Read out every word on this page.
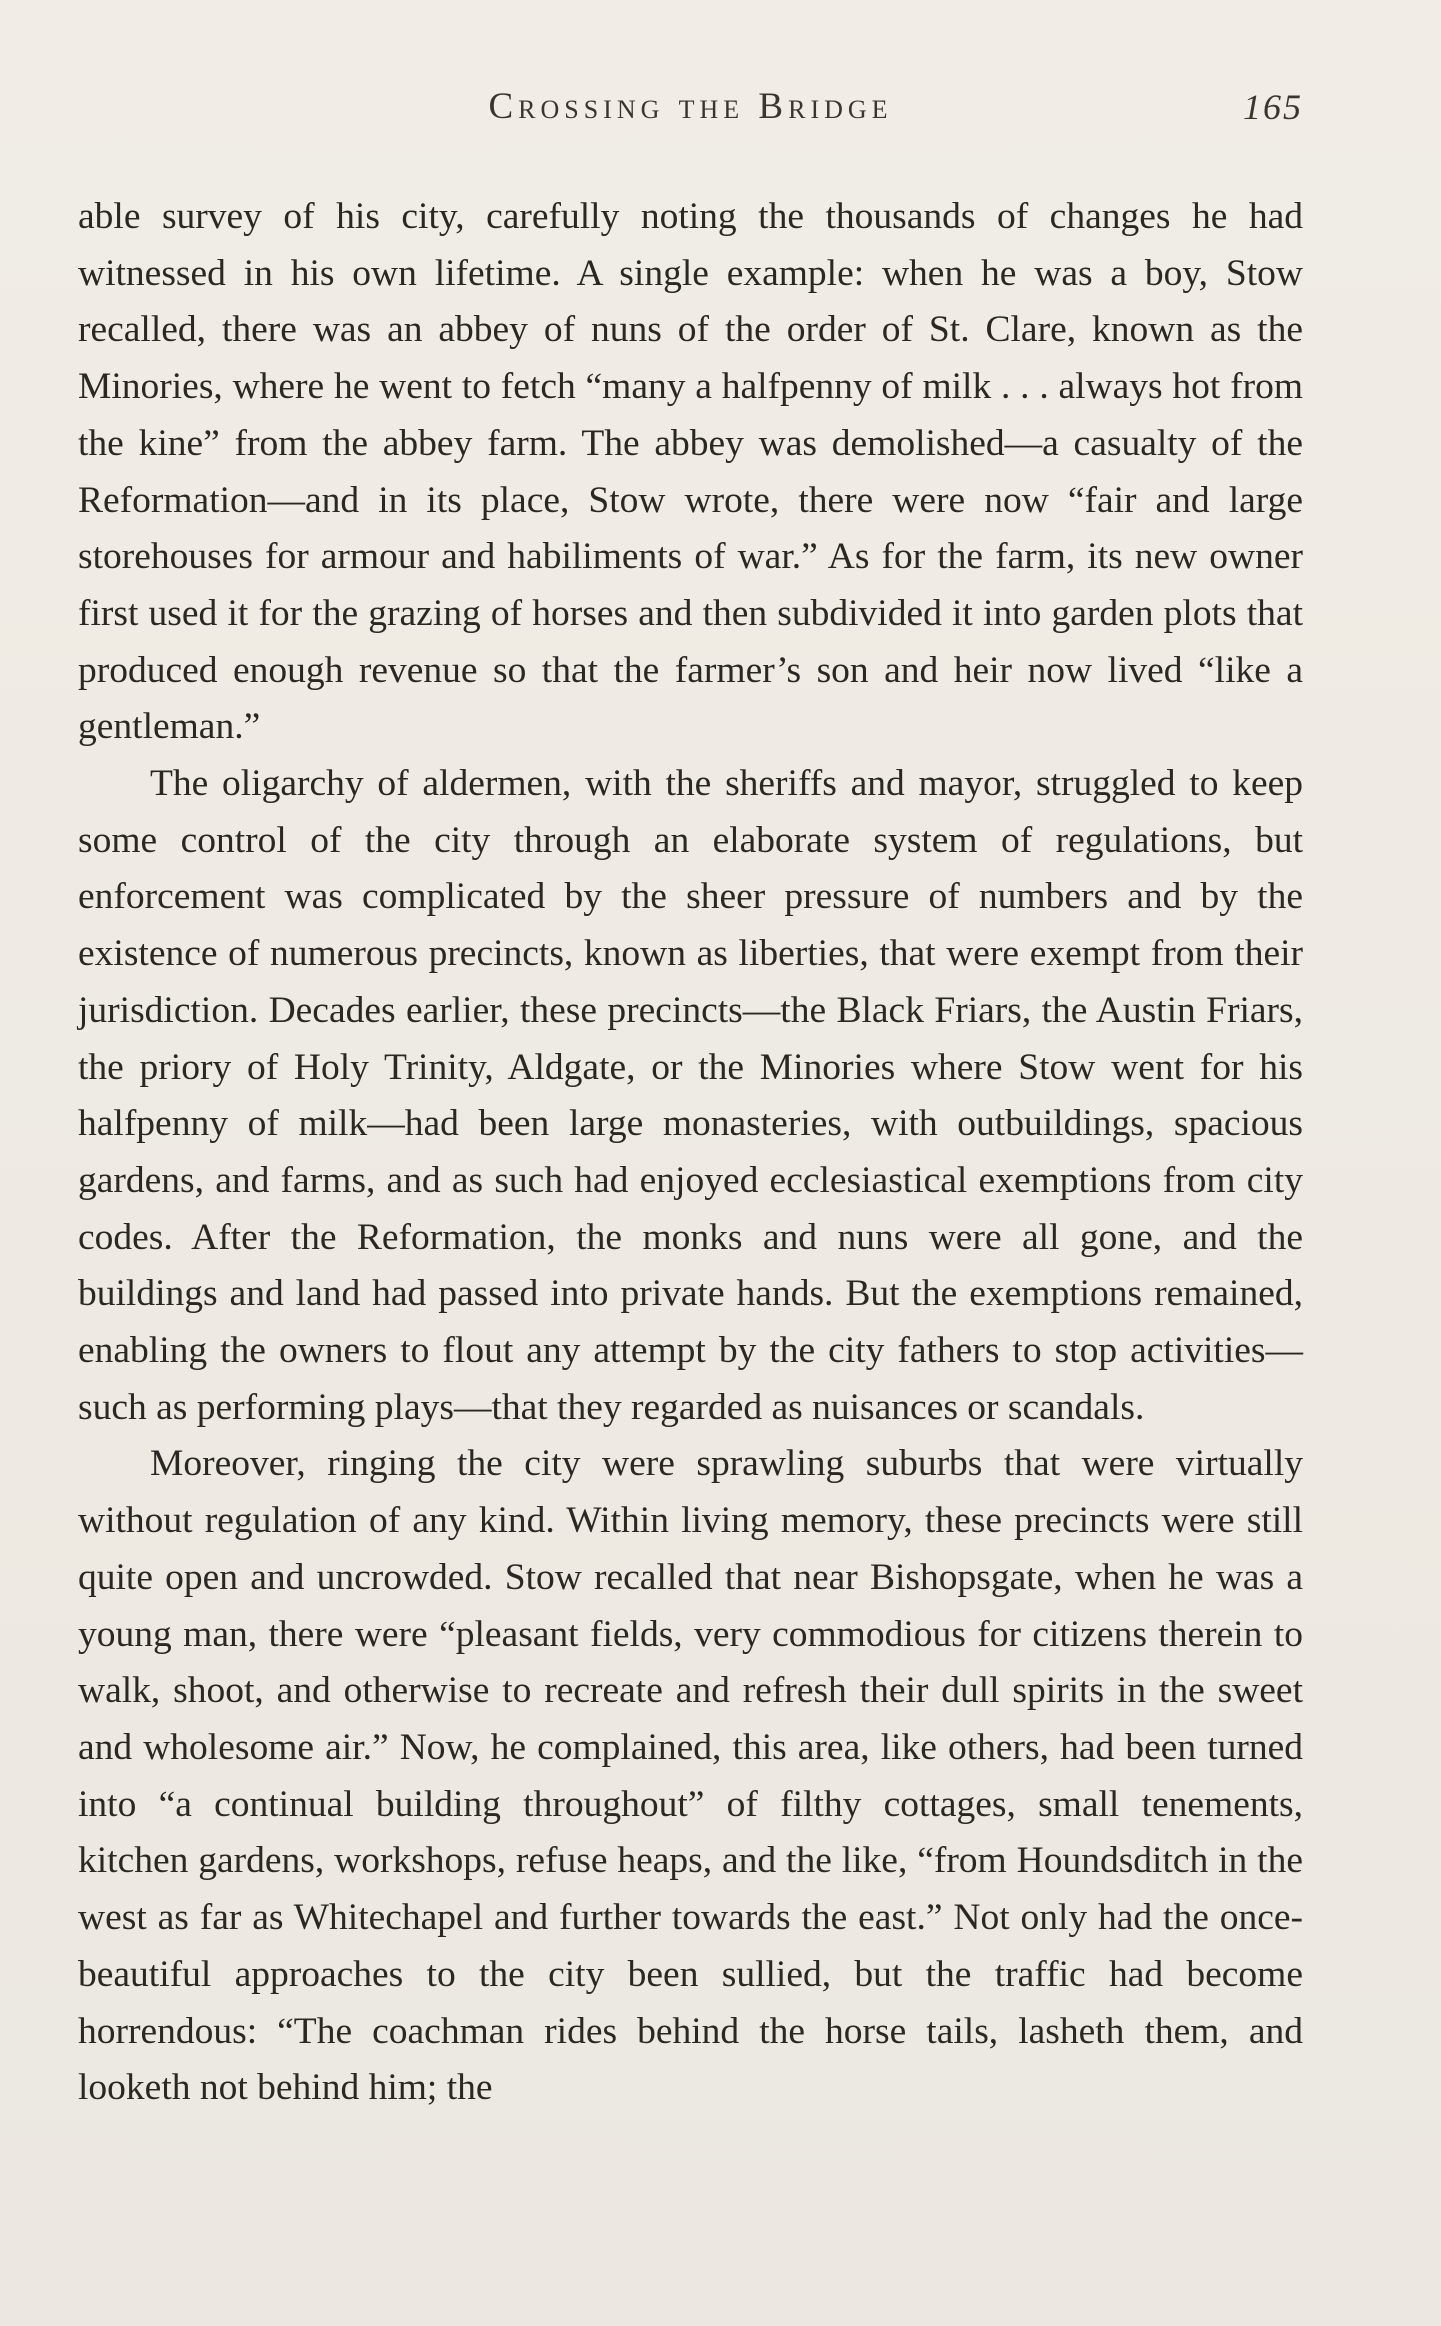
Crossing the Bridge	165

able survey of his city, carefully noting the thousands of changes he had witnessed in his own lifetime. A single example: when he was a boy, Stow recalled, there was an abbey of nuns of the order of St. Clare, known as the Minories, where he went to fetch “many a halfpenny of milk . . . always hot from the kine” from the abbey farm. The abbey was demolished—a casualty of the Reformation—and in its place, Stow wrote, there were now “fair and large storehouses for armour and habiliments of war.” As for the farm, its new owner first used it for the grazing of horses and then subdivided it into garden plots that produced enough revenue so that the farmer’s son and heir now lived “like a gentleman.”

The oligarchy of aldermen, with the sheriffs and mayor, struggled to keep some control of the city through an elaborate system of regulations, but enforcement was complicated by the sheer pressure of numbers and by the existence of numerous precincts, known as liberties, that were exempt from their jurisdiction. Decades earlier, these precincts—the Black Friars, the Austin Friars, the priory of Holy Trinity, Aldgate, or the Minories where Stow went for his halfpenny of milk—had been large monasteries, with outbuildings, spacious gardens, and farms, and as such had enjoyed ecclesiastical exemptions from city codes. After the Reformation, the monks and nuns were all gone, and the buildings and land had passed into private hands. But the exemptions remained, enabling the owners to flout any attempt by the city fathers to stop activities—such as performing plays—that they regarded as nuisances or scandals.

Moreover, ringing the city were sprawling suburbs that were virtually without regulation of any kind. Within living memory, these precincts were still quite open and uncrowded. Stow recalled that near Bishopsgate, when he was a young man, there were “pleasant fields, very commodious for citizens therein to walk, shoot, and otherwise to recreate and refresh their dull spirits in the sweet and wholesome air.” Now, he complained, this area, like others, had been turned into “a continual building throughout” of filthy cottages, small tenements, kitchen gardens, workshops, refuse heaps, and the like, “from Houndsditch in the west as far as Whitechapel and further towards the east.” Not only had the once-beautiful approaches to the city been sullied, but the traffic had become horrendous: “The coachman rides behind the horse tails, lasheth them, and looketh not behind him; the
